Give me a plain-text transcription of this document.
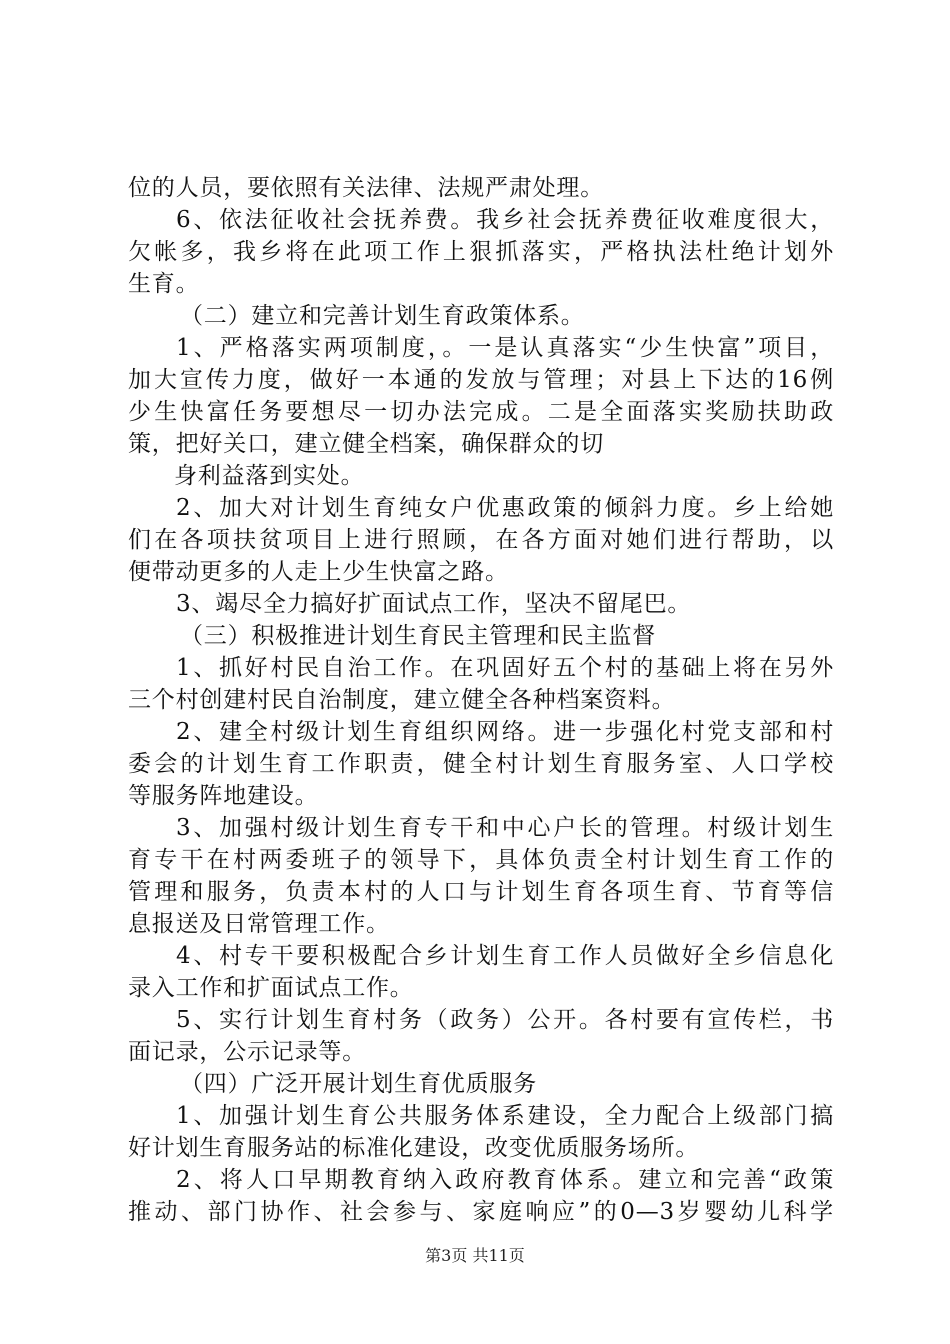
位的人员，要依照有关法律、法规严肃处理。
6、依法征收社会抚养费。我乡社会抚养费征收难度很大，
欠帐多，我乡将在此项工作上狠抓落实，严格执法杜绝计划外
生育。
（二）建立和完善计划生育政策体系。
1、严格落实两项制度，。一是认真落实“少生快富”项目，
加大宣传力度，做好一本通的发放与管理；对县上下达的16例
少生快富任务要想尽一切办法完成。二是全面落实奖励扶助政
策，把好关口，建立健全档案，确保群众的切
身利益落到实处。
2、加大对计划生育纯女户优惠政策的倾斜力度。乡上给她
们在各项扶贫项目上进行照顾，在各方面对她们进行帮助，以
便带动更多的人走上少生快富之路。
3、竭尽全力搞好扩面试点工作，坚决不留尾巴。
（三）积极推进计划生育民主管理和民主监督
1、抓好村民自治工作。在巩固好五个村的基础上将在另外
三个村创建村民自治制度，建立健全各种档案资料。
2、建全村级计划生育组织网络。进一步强化村党支部和村
委会的计划生育工作职责，健全村计划生育服务室、人口学校
等服务阵地建设。
3、加强村级计划生育专干和中心户长的管理。村级计划生
育专干在村两委班子的领导下，具体负责全村计划生育工作的
管理和服务，负责本村的人口与计划生育各项生育、节育等信
息报送及日常管理工作。
4、村专干要积极配合乡计划生育工作人员做好全乡信息化
录入工作和扩面试点工作。
5、实行计划生育村务（政务）公开。各村要有宣传栏，书
面记录，公示记录等。
（四）广泛开展计划生育优质服务
1、加强计划生育公共服务体系建设，全力配合上级部门搞
好计划生育服务站的标准化建设，改变优质服务场所。
2、将人口早期教育纳入政府教育体系。建立和完善“政策
推动、部门协作、社会参与、家庭响应”的0—3岁婴幼儿科学
第3页 共11页
